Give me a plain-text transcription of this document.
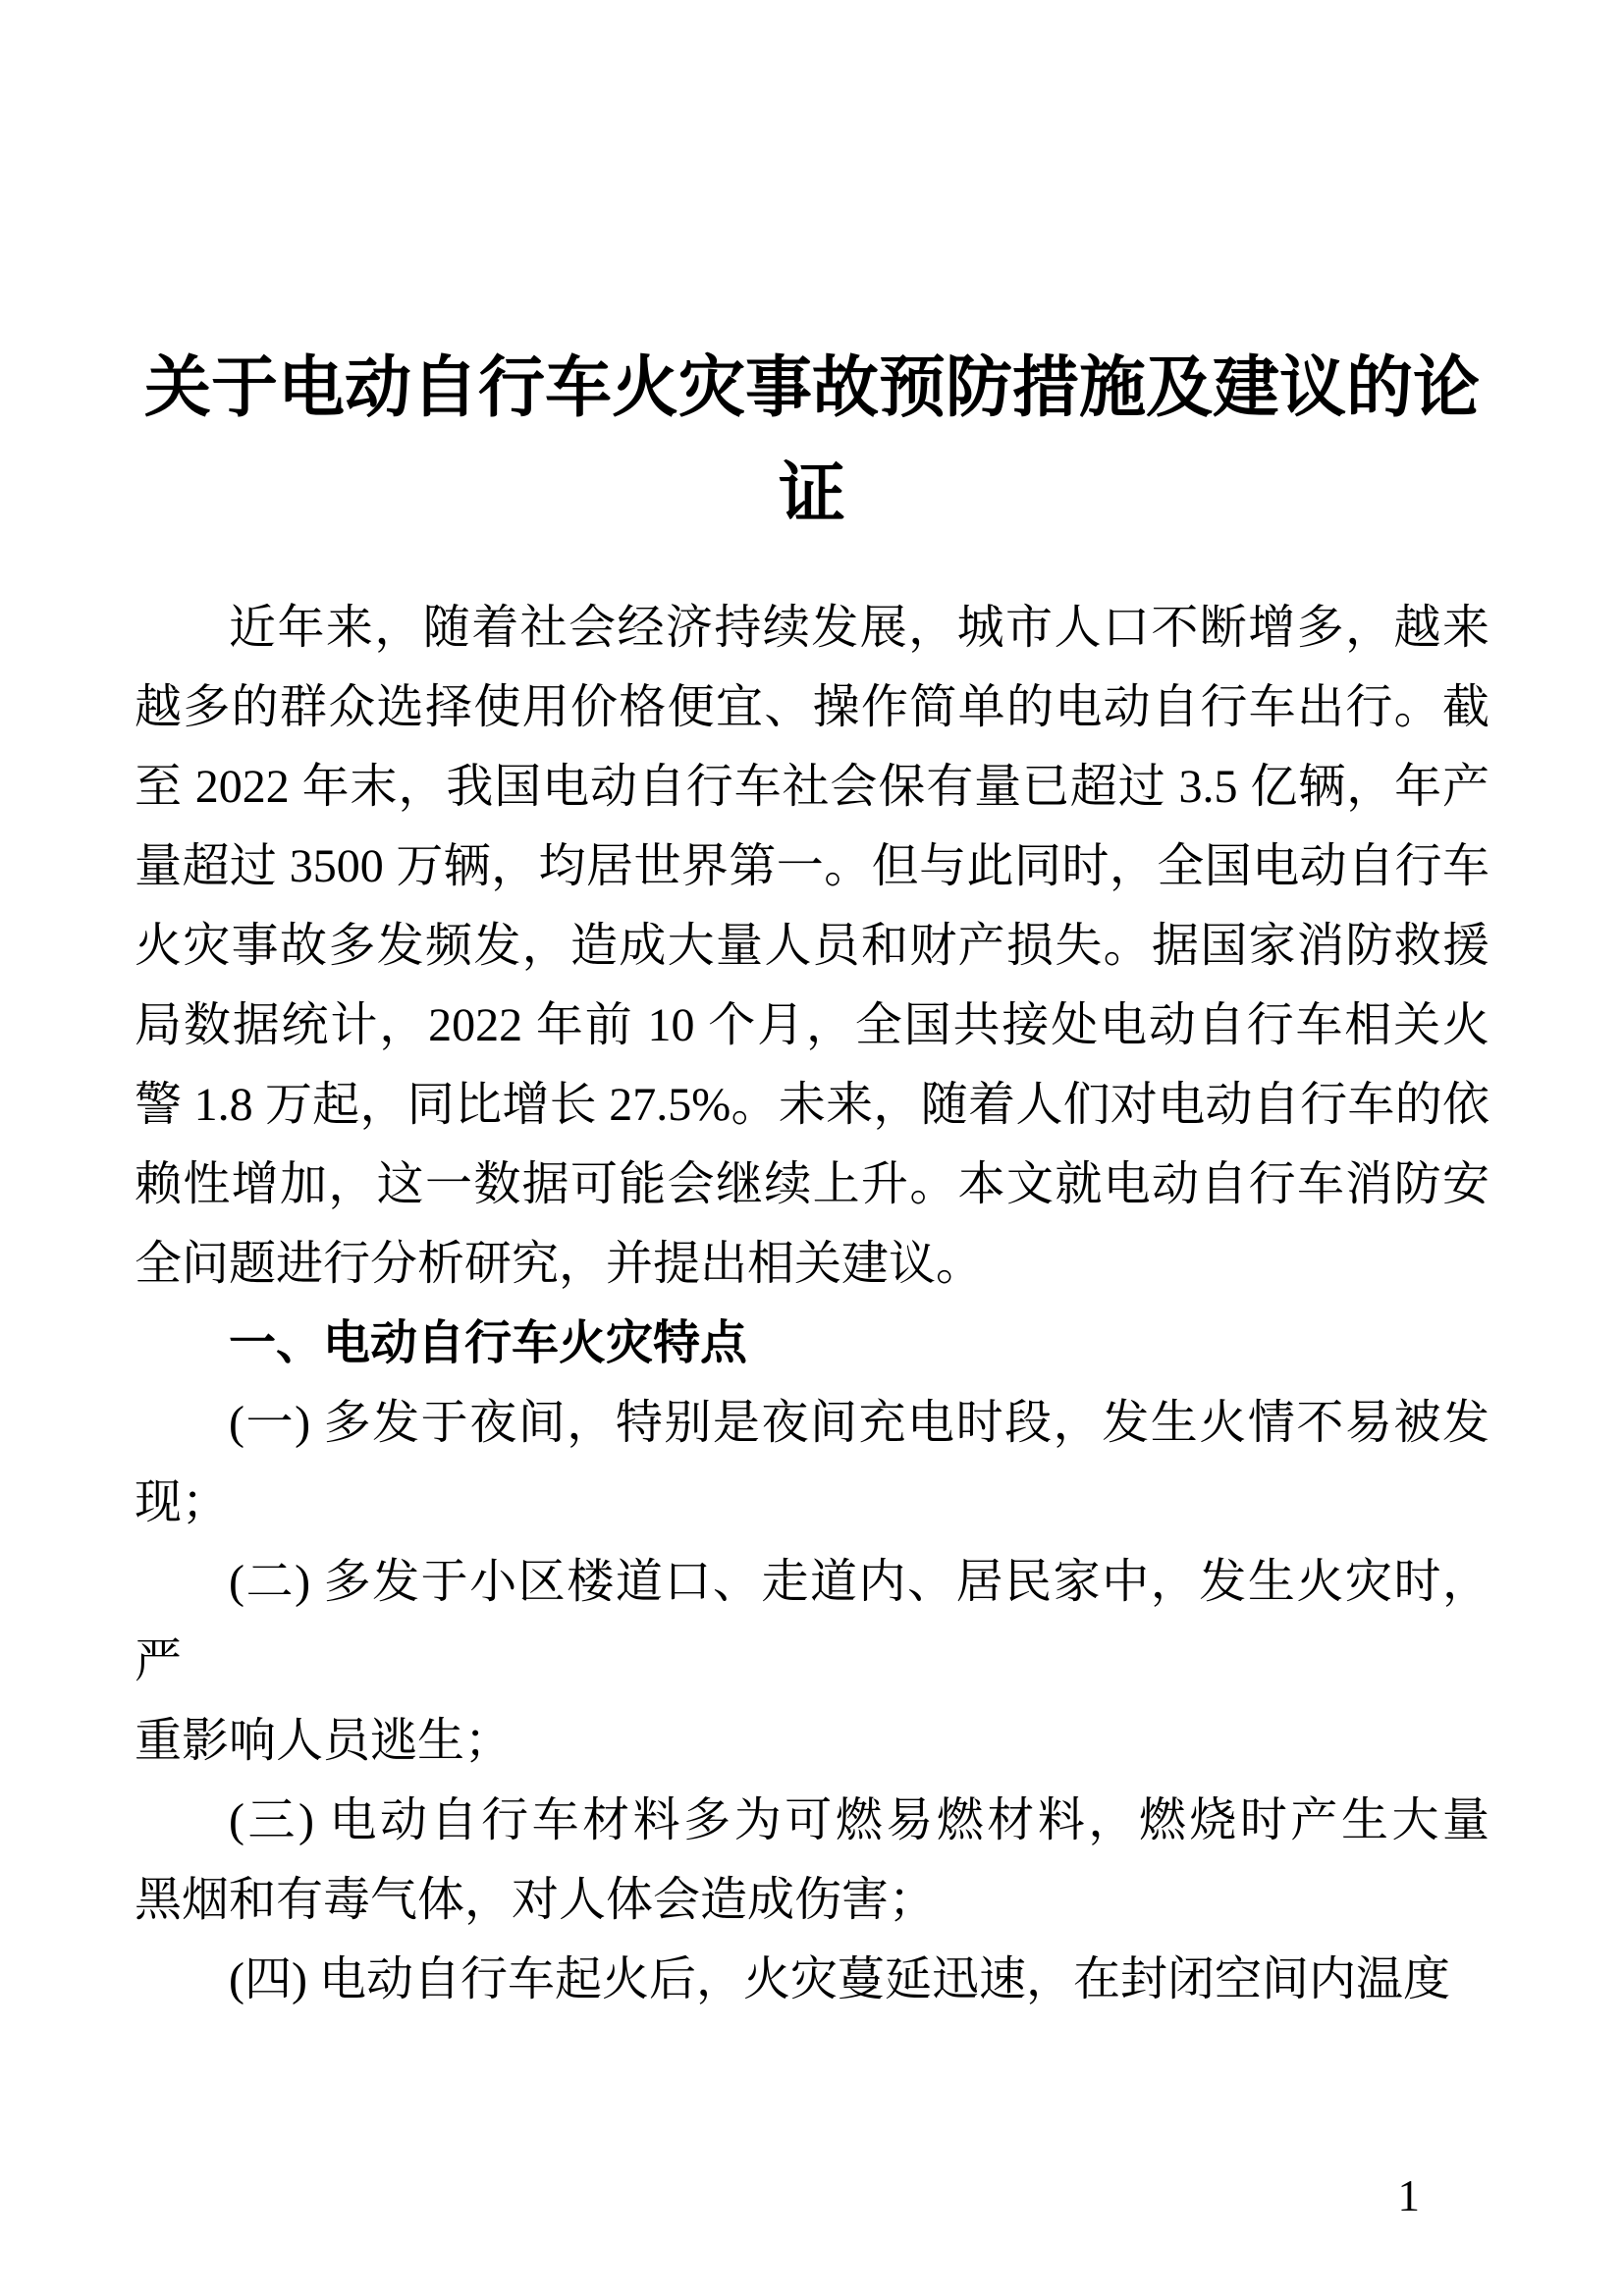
关于电动自行车火灾事故预防措施及建议的论
证
近年来，随着社会经济持续发展，城市人口不断增多，越来
越多的群众选择使用价格便宜、操作简单的电动自行车出行。截
至 2022 年末，我国电动自行车社会保有量已超过 3.5 亿辆，年产
量超过 3500 万辆，均居世界第一。但与此同时，全国电动自行车
火灾事故多发频发，造成大量人员和财产损失。据国家消防救援
局数据统计，2022 年前 10 个月，全国共接处电动自行车相关火
警 1.8 万起，同比增长 27.5%。未来，随着人们对电动自行车的依
赖性增加，这一数据可能会继续上升。本文就电动自行车消防安
全问题进行分析研究，并提出相关建议。
一、电动自行车火灾特点
(一) 多发于夜间，特别是夜间充电时段，发生火情不易被发
现；
(二) 多发于小区楼道口、走道内、居民家中，发生火灾时，严
重影响人员逃生；
(三) 电动自行车材料多为可燃易燃材料，燃烧时产生大量
黑烟和有毒气体，对人体会造成伤害；
(四) 电动自行车起火后，火灾蔓延迅速，在封闭空间内温度
1
